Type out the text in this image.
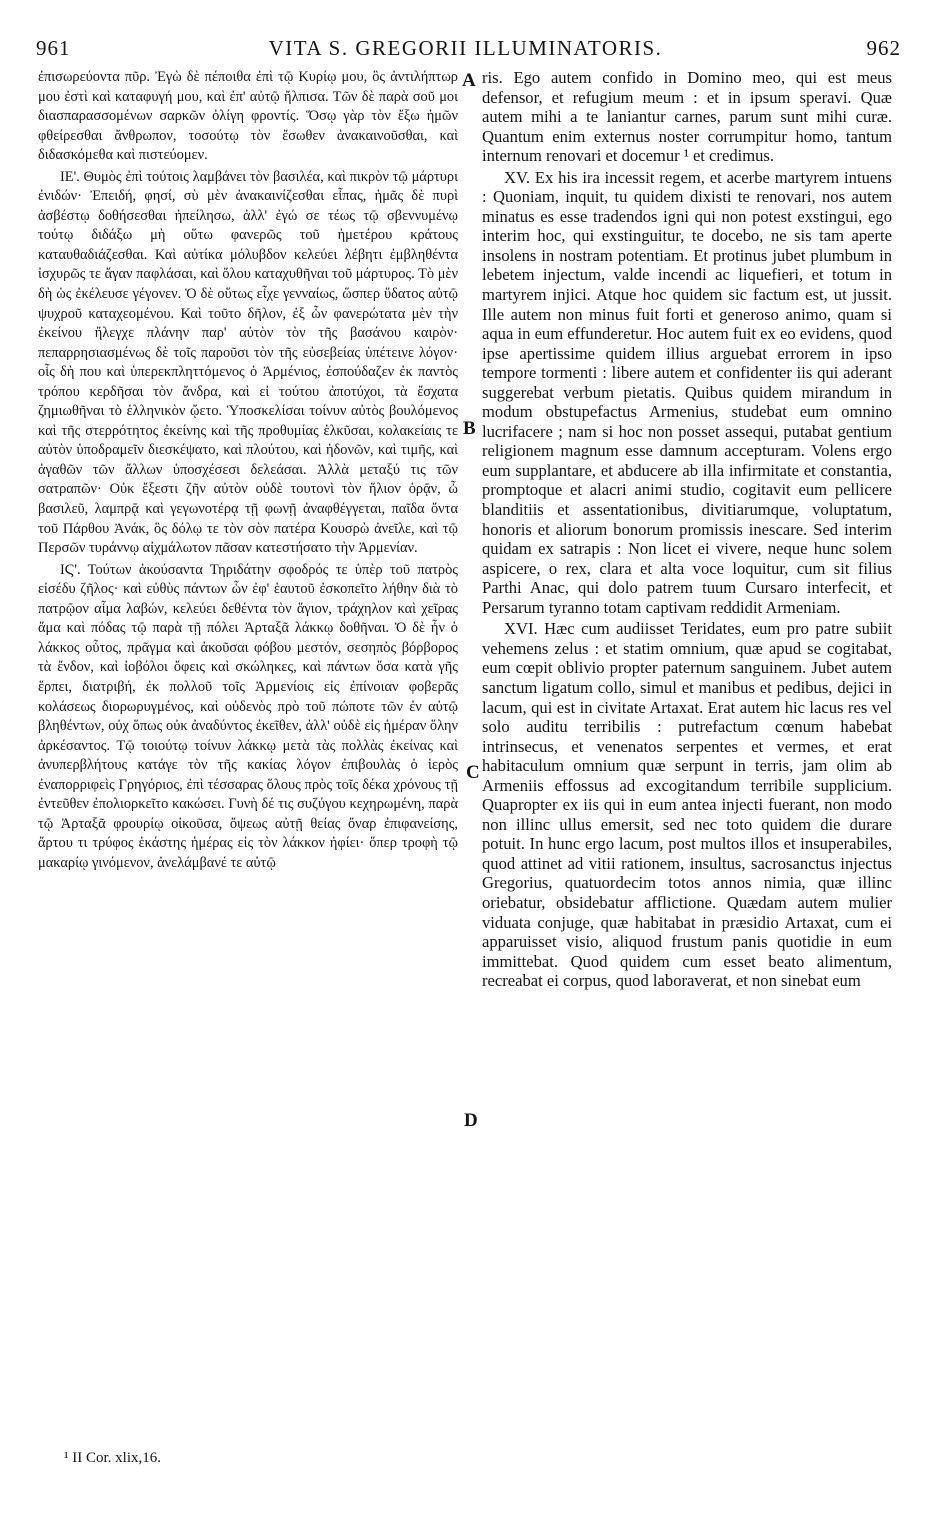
961	VITA S. GREGORII ILLUMINATORIS.	962

ἐπισωρεύοντα πῦρ. Ἐγὼ δὲ πέποιθα ἐπὶ τῷ Κυρίῳ μου, ὃς ἀντιλήπτωρ μου ἐστὶ καὶ καταφυγή μου, καὶ ἐπ' αὐτῷ ἤλπισα. Τῶν δὲ παρὰ σοῦ μοι διασπαρασσομένων σαρκῶν ὀλίγη φροντίς. Ὅσῳ γὰρ τὸν ἔξω ἡμῶν φθείρεσθαι ἄνθρωπον, τοσούτῳ τὸν ἔσωθεν ἀνακαινοῦσθαι, καὶ διδασκόμεθα καὶ πιστεύομεν.

ΙΕ'. Θυμὸς ἐπὶ τούτοις λαμβάνει τὸν βασιλέα, καὶ πικρὸν τῷ μάρτυρι ἐνιδών· Ἐπειδή, φησί, σὺ μὲν ἀνακαινίζεσθαι εἶπας, ἡμᾶς δὲ πυρὶ ἀσβέστῳ δοθήσεσθαι ἠπείλησω, ἀλλ' ἐγώ σε τέως τῷ σβεννυμένῳ τούτῳ διδάξω μὴ οὕτω φανερῶς τοῦ ἡμετέρου κράτους καταυθαδιάζεσθαι. Καὶ αὐτίκα μόλυβδον κελεύει λέβητι ἐμβληθέντα ἰσχυρῶς τε ἄγαν παφλάσαι, καὶ ὅλου καταχυθῆναι τοῦ μάρτυρος. Τὸ μὲν δὴ ὡς ἐκέλευσε γέγονεν. Ὁ δὲ οὕτως εἶχε γενναίως, ὥσπερ ὕδατος αὐτῷ ψυχροῦ καταχεομένου. Καὶ τοῦτο δῆλον, ἐξ ὧν φανερώτατα μὲν τὴν ἐκείνου ἤλεγχε πλάνην παρ' αὐτὸν τὸν τῆς βασάνου καιρὸν· πεπαρρησιασμένως δὲ τοῖς παροῦσι τὸν τῆς εὐσεβείας ὑπέτεινε λόγον· οἷς δὴ που καὶ ὑπερεκπληττόμενος ὁ Ἀρμένιος, ἐσπούδαζεν ἐκ παντὸς τρόπου κερδῆσαι τὸν ἄνδρα, καὶ εἰ τούτου ἀποτύχοι, τὰ ἔσχατα ζημιωθῆναι τὸ ἑλληνικὸν ᾤετο. Ὑποσκελίσαι τοίνυν αὐτὸς βουλόμενος καὶ τῆς στερρότητος ἐκείνης καὶ τῆς προθυμίας ἑλκῦσαι, κολακείαις τε αὐτὸν ὑποδραμεῖν διεσκέψατο, καὶ πλούτου, καὶ ἡδονῶν, καὶ τιμῆς, καὶ ἀγαθῶν τῶν ἄλλων ὑποσχέσεσι δελεάσαι. Ἀλλὰ μεταξύ τις τῶν σατραπῶν· Οὐκ ἔξεστι ζῆν αὐτὸν οὐδὲ τουτονὶ τὸν ἥλιον ὁρᾷν, ὦ βασιλεῦ, λαμπρᾷ καὶ γεγωνοτέρᾳ τῇ φωνῇ ἀναφθέγγεται, παῖδα ὄντα τοῦ Πάρθου Ἀνάκ, ὃς δόλῳ τε τὸν σὸν πατέρα Κουσρὼ ἀνεῖλε, καὶ τῷ Περσῶν τυράννῳ αἰχμάλωτον πᾶσαν κατεστήσατο τὴν Ἀρμενίαν.

ΙϚ'. Τούτων ἀκούσαντα Τηριδάτην σφοδρός τε ὑπὲρ τοῦ πατρὸς εἰσέδυ ζῆλος· καὶ εὐθὺς πάντων ὧν ἐφ' ἑαυτοῦ ἐσκοπεῖτο λήθην διὰ τὸ πατρῷον αἷμα λαβών, κελεύει δεθέντα τὸν ἅγιον, τράχηλον καὶ χεῖρας ἅμα καὶ πόδας τῷ παρὰ τῇ πόλει Ἀρταξᾶ λάκκῳ δοθῆναι. Ὁ δὲ ἦν ὁ λάκκος οὗτος, πρᾶγμα καὶ ἀκοῦσαι φόβου μεστόν, σεσηπὸς βόρβορος τὰ ἔνδον, καὶ ἰοβόλοι ὄφεις καὶ σκώληκες, καὶ πάντων ὅσα κατὰ γῆς ἕρπει, διατριβή, ἐκ πολλοῦ τοῖς Ἀρμενίοις εἰς ἐπίνοιαν φοβερᾶς κολάσεως διορωρυγμένος, καὶ οὐδενὸς πρὸ τοῦ πώποτε τῶν ἐν αὐτῷ βληθέντων, οὐχ ὅπως οὐκ ἀναδύντος ἐκεῖθεν, ἀλλ' οὐδὲ εἰς ἡμέραν ὅλην ἀρκέσαντος. Τῷ τοιούτῳ τοίνυν λάκκῳ μετὰ τὰς πολλὰς ἐκείνας καὶ ἀνυπερβλήτους κατάγε τὸν τῆς κακίας λόγον ἐπιβουλὰς ὁ ἱερὸς ἐναπορριφεὶς Γρηγόριος, ἐπὶ τέσσαρας ὅλους πρὸς τοῖς δέκα χρόνους τῇ ἐντεῦθεν ἐπολιορκεῖτο κακώσει. Γυνὴ δέ τις συζύγου κεχηρωμένη, παρὰ τῷ Ἀρταξᾶ φρουρίῳ οἰκοῦσα, ὄψεως αὐτῇ θείας ὄναρ ἐπιφανείσης, ἄρτου τι τρύφος ἑκάστης ἡμέρας εἰς τὸν λάκκον ἠφίει· ὅπερ τροφὴ τῷ μακαρίῳ γινόμενον, ἀνελάμβανέ τε αὐτῷ

A
B
C
D

ris. Ego autem confido in Domino meo, qui est meus defensor, et refugium meum : et in ipsum speravi. Quæ autem mihi a te laniantur carnes, parum sunt mihi curæ. Quantum enim externus noster corrumpitur homo, tantum internum renovari et docemur ¹ et credimus.

XV. Ex his ira incessit regem, et acerbe martyrem intuens : Quoniam, inquit, tu quidem dixisti te renovari, nos autem minatus es esse tradendos igni qui non potest exstingui, ego interim hoc, qui exstinguitur, te docebo, ne sis tam aperte insolens in nostram potentiam. Et protinus jubet plumbum in lebetem injectum, valde incendi ac liquefieri, et totum in martyrem injici. Atque hoc quidem sic factum est, ut jussit. Ille autem non minus fuit forti et generoso animo, quam si aqua in eum effunderetur. Hoc autem fuit ex eo evidens, quod ipse apertissime quidem illius arguebat errorem in ipso tempore tormenti : libere autem et confidenter iis qui aderant suggerebat verbum pietatis. Quibus quidem mirandum in modum obstupefactus Armenius, studebat eum omnino lucrifacere ; nam si hoc non posset assequi, putabat gentium religionem magnum esse damnum accepturam. Volens ergo eum supplantare, et abducere ab illa infirmitate et constantia, promptoque et alacri animi studio, cogitavit eum pellicere blanditiis et assentationibus, divitiarumque, voluptatum, honoris et aliorum bonorum promissis inescare. Sed interim quidam ex satrapis : Non licet ei vivere, neque hunc solem aspicere, o rex, clara et alta voce loquitur, cum sit filius Parthi Anac, qui dolo patrem tuum Cursaro interfecit, et Persarum tyranno totam captivam reddidit Armeniam.

XVI. Hæc cum audiisset Teridates, eum pro patre subiit vehemens zelus : et statim omnium, quæ apud se cogitabat, eum cœpit oblivio propter paternum sanguinem. Jubet autem sanctum ligatum collo, simul et manibus et pedibus, dejici in lacum, qui est in civitate Artaxat. Erat autem hic lacus res vel solo auditu terribilis : putrefactum cœnum habebat intrinsecus, et venenatos serpentes et vermes, et erat habitaculum omnium quæ serpunt in terris, jam olim ab Armeniis effossus ad excogitandum terribile supplicium. Quapropter ex iis qui in eum antea injecti fuerant, non modo non illinc ullus emersit, sed nec toto quidem die durare potuit. In hunc ergo lacum, post multos illos et insuperabiles, quod attinet ad vitii rationem, insultus, sacrosanctus injectus Gregorius, quatuordecim totos annos nimia, quæ illinc oriebatur, obsidebatur afflictione. Quædam autem mulier viduata conjuge, quæ habitabat in præsidio Artaxat, cum ei apparuisset visio, aliquod frustum panis quotidie in eum immittebat. Quod quidem cum esset beato alimentum, recreabat ei corpus, quod laboraverat, et non sinebat eum

¹ II Cor. xlix,16.
